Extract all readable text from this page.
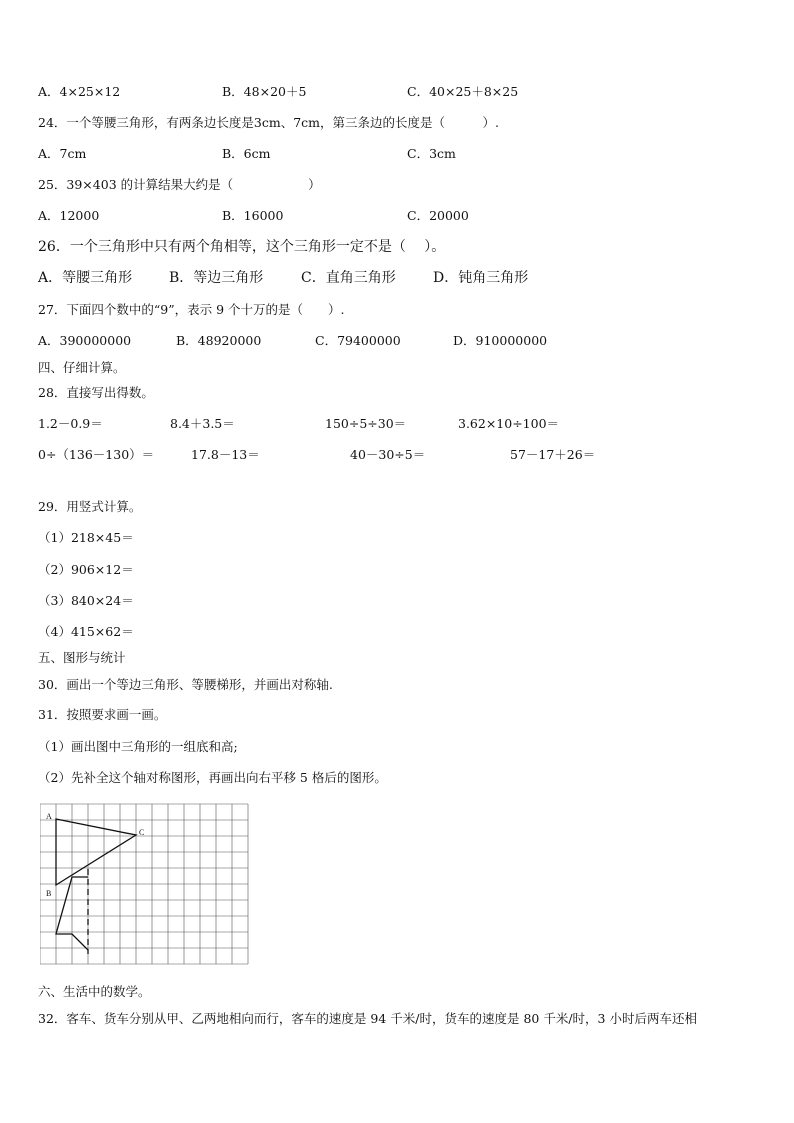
A．4×25×12	B．48×20＋5	C．40×25＋8×25
24．一个等腰三角形，有两条边长度是3cm、7cm，第三条边的长度是（　　　）.
A．7cm	B．6cm	C．3cm
25．39×403 的计算结果大约是（　　　　　　）
A．12000	B．16000	C．20000
26．一个三角形中只有两个角相等，这个三角形一定不是（　 ）。
A．等腰三角形	B．等边三角形	C．直角三角形	D．钝角三角形
27．下面四个数中的“9”，表示 9 个十万的是（　　）.
A．390000000	B．48920000	C．79400000	D．910000000
四、仔细计算。
28．直接写出得数。
1.2－0.9＝	8.4＋3.5＝	150÷5÷30＝	3.62×10÷100＝
0÷（136－130）＝	17.8－13＝	40－30÷5＝	57－17＋26＝
29．用竖式计算。
（1）218×45＝
（2）906×12＝
（3）840×24＝
（4）415×62＝
五、图形与统计
30．画出一个等边三角形、等腰梯形，并画出对称轴.
31．按照要求画一画。
（1）画出图中三角形的一组底和高;
（2）先补全这个轴对称图形，再画出向右平移 5 格后的图形。
A
C
B
六、生活中的数学。
32．客车、货车分别从甲、乙两地相向而行，客车的速度是 94 千米/时，货车的速度是 80 千米/时，3 小时后两车还相
